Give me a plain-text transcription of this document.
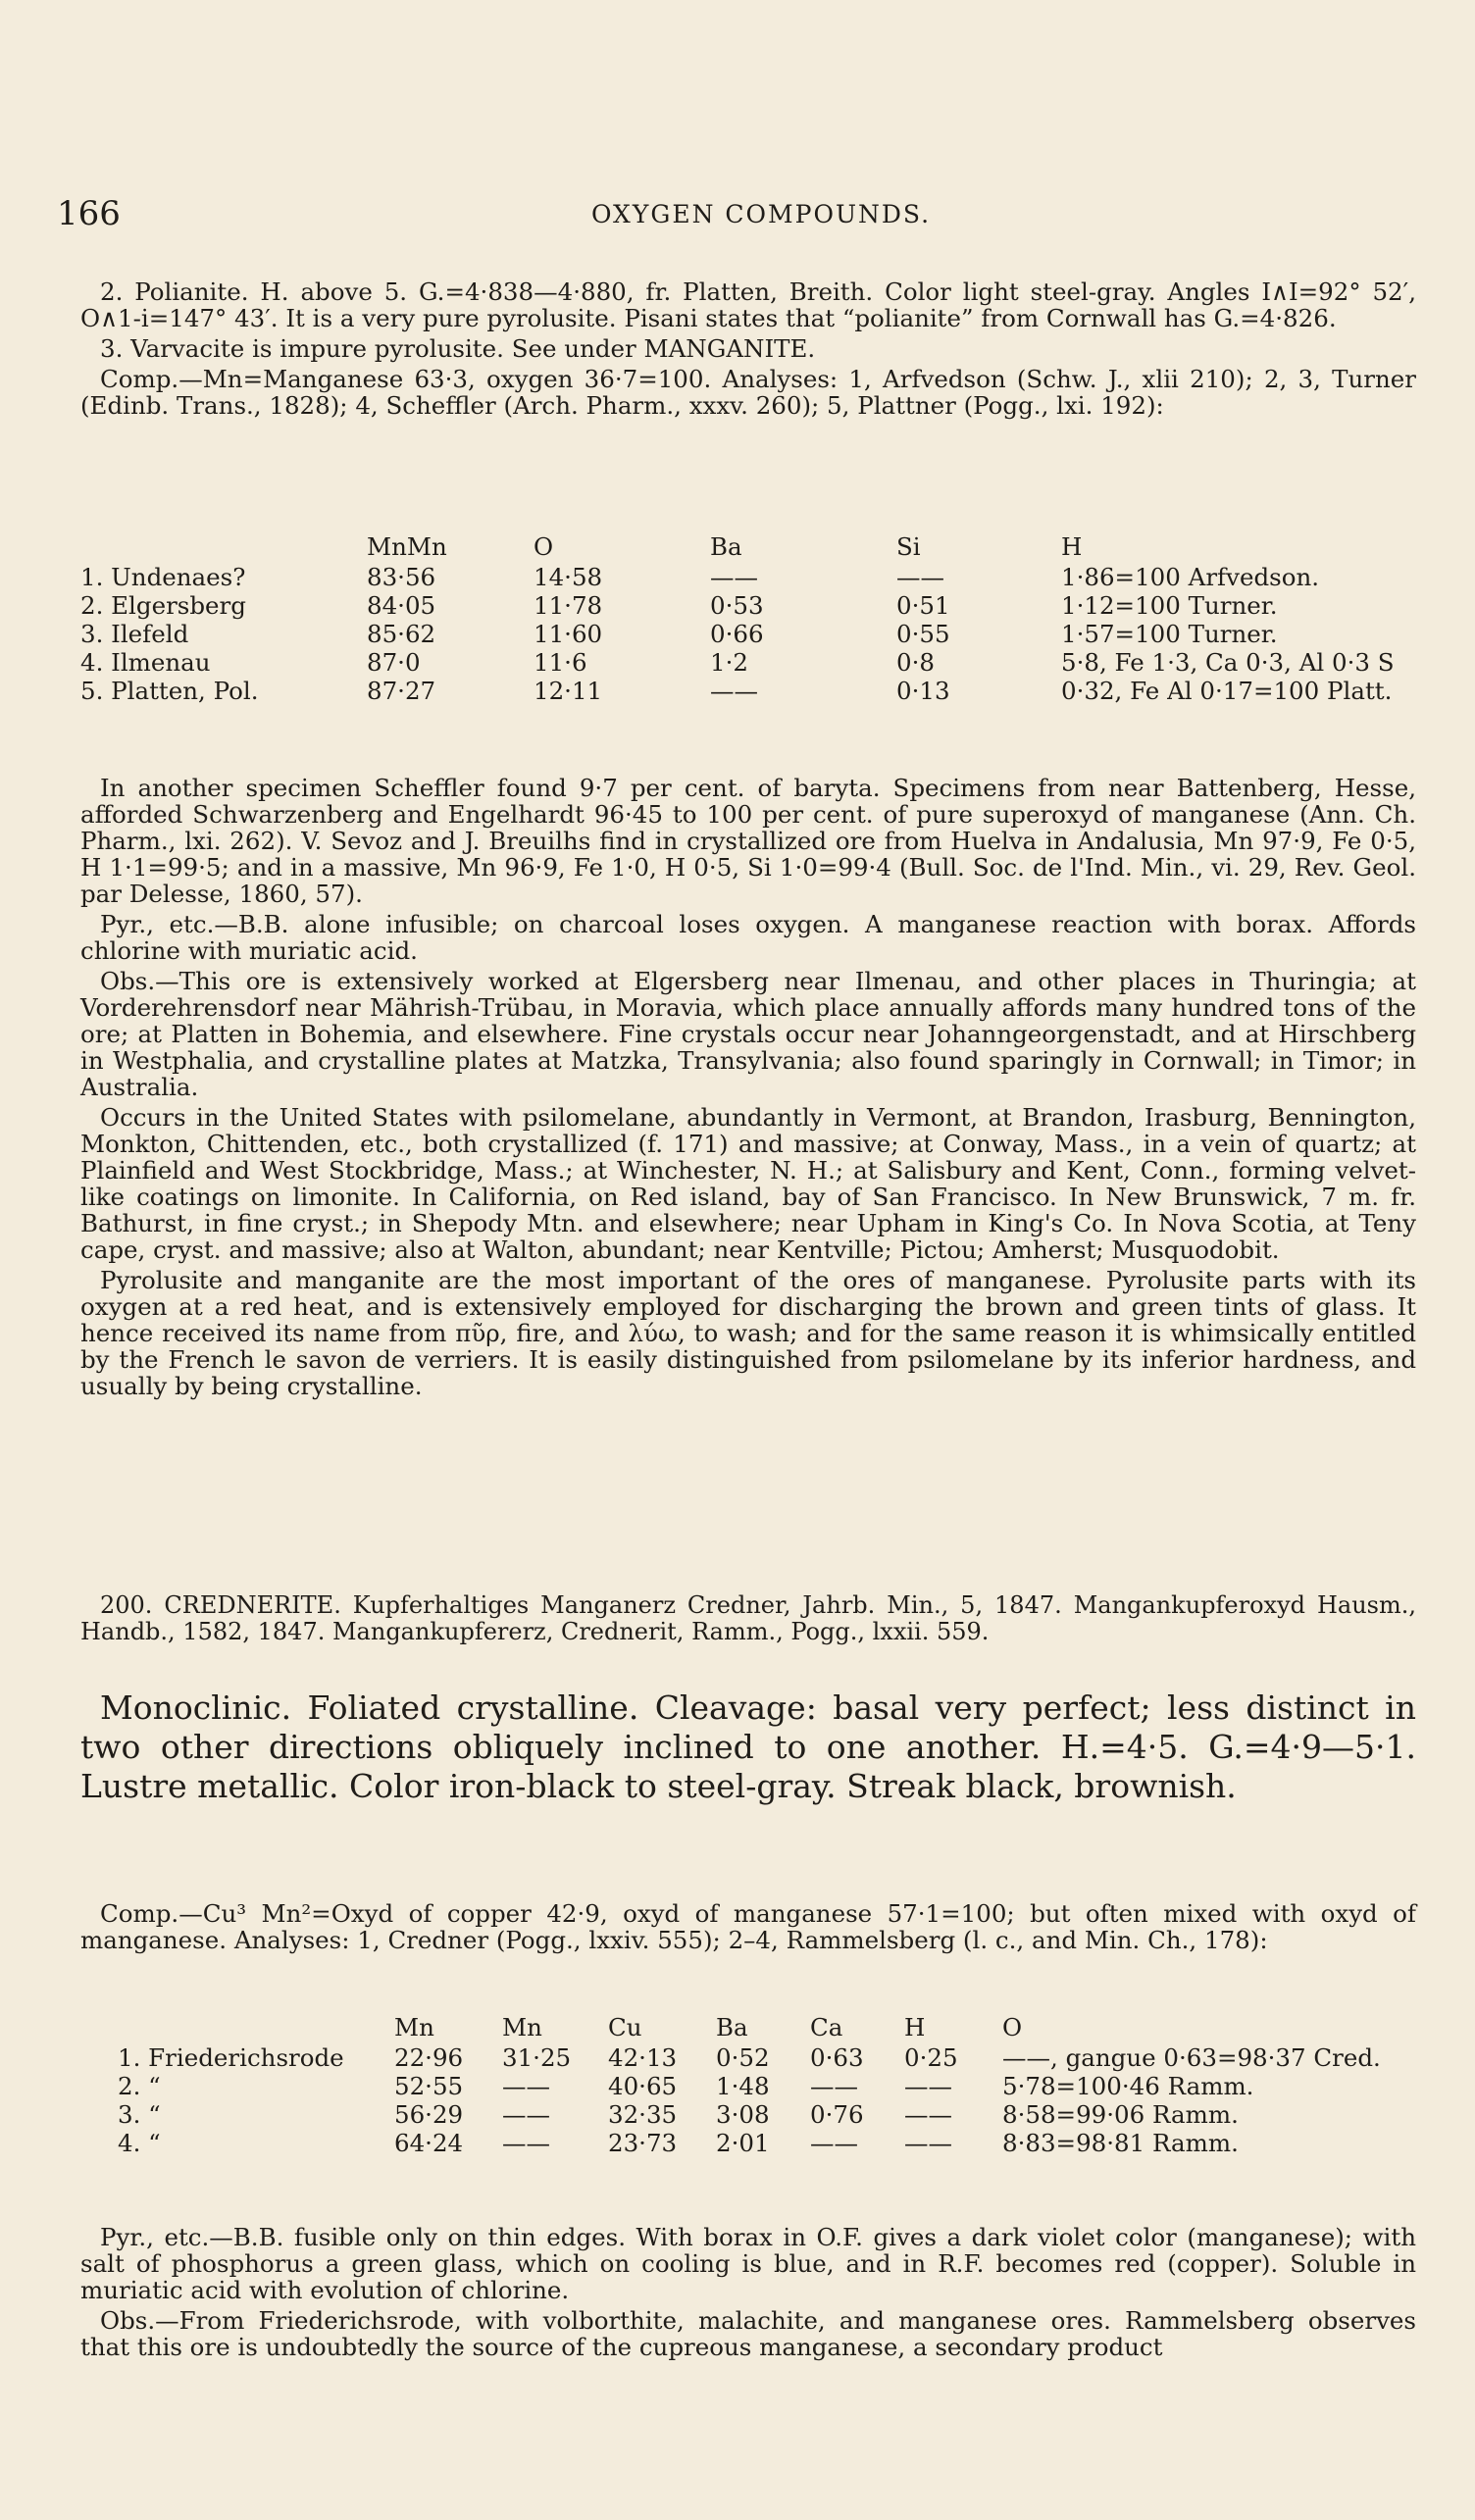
166	OXYGEN COMPOUNDS.

2. Polianite. H. above 5. G.=4·838—4·880, fr. Platten, Breith. Color light steel-gray. Angles I∧I=92° 52′, O∧1-i=147° 43′. It is a very pure pyrolusite. Pisani states that “polianite” from Cornwall has G.=4·826.

3. Varvacite is impure pyrolusite. See under MANGANITE.

Comp.—Mn=Manganese 63·3, oxygen 36·7=100. Analyses: 1, Arfvedson (Schw. J., xlii 210); 2, 3, Turner (Edinb. Trans., 1828); 4, Scheffler (Arch. Pharm., xxxv. 260); 5, Plattner (Pogg., lxi. 192):

	MnMn	O	Ba	Si	H
1. Undenaes?	83·56	14·58	——	——	1·86=100 Arfvedson.
2. Elgersberg	84·05	11·78	0·53	0·51	1·12=100 Turner.
3. Ilefeld	85·62	11·60	0·66	0·55	1·57=100 Turner.
4. Ilmenau	87·0	11·6	1·2	0·8	5·8, Fe 1·3, Ca 0·3, Al 0·3 S
5. Platten, Pol.	87·27	12·11	——	0·13	0·32, Fe Al 0·17=100 Platt.

In another specimen Scheffler found 9·7 per cent. of baryta. Specimens from near Battenberg, Hesse, afforded Schwarzenberg and Engelhardt 96·45 to 100 per cent. of pure superoxyd of manganese (Ann. Ch. Pharm., lxi. 262). V. Sevoz and J. Breuilhs find in crystallized ore from Huelva in Andalusia, Mn 97·9, Fe 0·5, H 1·1=99·5; and in a massive, Mn 96·9, Fe 1·0, H 0·5, Si 1·0=99·4 (Bull. Soc. de l'Ind. Min., vi. 29, Rev. Geol. par Delesse, 1860, 57).

Pyr., etc.—B.B. alone infusible; on charcoal loses oxygen. A manganese reaction with borax. Affords chlorine with muriatic acid.

Obs.—This ore is extensively worked at Elgersberg near Ilmenau, and other places in Thuringia; at Vorderehrensdorf near Mährish-Trübau, in Moravia, which place annually affords many hundred tons of the ore; at Platten in Bohemia, and elsewhere. Fine crystals occur near Johanngeorgenstadt, and at Hirschberg in Westphalia, and crystalline plates at Matzka, Transylvania; also found sparingly in Cornwall; in Timor; in Australia.

Occurs in the United States with psilomelane, abundantly in Vermont, at Brandon, Irasburg, Bennington, Monkton, Chittenden, etc., both crystallized (f. 171) and massive; at Conway, Mass., in a vein of quartz; at Plainfield and West Stockbridge, Mass.; at Winchester, N. H.; at Salisbury and Kent, Conn., forming velvet-like coatings on limonite. In California, on Red island, bay of San Francisco. In New Brunswick, 7 m. fr. Bathurst, in fine cryst.; in Shepody Mtn. and elsewhere; near Upham in King's Co. In Nova Scotia, at Teny cape, cryst. and massive; also at Walton, abundant; near Kentville; Pictou; Amherst; Musquodobit.

Pyrolusite and manganite are the most important of the ores of manganese. Pyrolusite parts with its oxygen at a red heat, and is extensively employed for discharging the brown and green tints of glass. It hence received its name from πῦρ, fire, and λύω, to wash; and for the same reason it is whimsically entitled by the French le savon de verriers. It is easily distinguished from psilomelane by its inferior hardness, and usually by being crystalline.

200. CREDNERITE. Kupferhaltiges Manganerz Credner, Jahrb. Min., 5, 1847. Mangankupferoxyd Hausm., Handb., 1582, 1847. Mangankupfererz, Crednerit, Ramm., Pogg., lxxii. 559.

Monoclinic. Foliated crystalline. Cleavage: basal very perfect; less distinct in two other directions obliquely inclined to one another. H.=4·5. G.=4·9—5·1. Lustre metallic. Color iron-black to steel-gray. Streak black, brownish.

Comp.—Cu³ Mn²=Oxyd of copper 42·9, oxyd of manganese 57·1=100; but often mixed with oxyd of manganese. Analyses: 1, Credner (Pogg., lxxiv. 555); 2–4, Rammelsberg (l. c., and Min. Ch., 178):

	Mn	Mn	Cu	Ba	Ca	H	O
1. Friederichsrode	22·96	31·25	42·13	0·52	0·63	0·25	——, gangue 0·63=98·37 Cred.
2. “	52·55	——	40·65	1·48	——	——	5·78=100·46 Ramm.
3. “	56·29	——	32·35	3·08	0·76	——	8·58=99·06 Ramm.
4. “	64·24	——	23·73	2·01	——	——	8·83=98·81 Ramm.

Pyr., etc.—B.B. fusible only on thin edges. With borax in O.F. gives a dark violet color (manganese); with salt of phosphorus a green glass, which on cooling is blue, and in R.F. becomes red (copper). Soluble in muriatic acid with evolution of chlorine.

Obs.—From Friederichsrode, with volborthite, malachite, and manganese ores. Rammelsberg observes that this ore is undoubtedly the source of the cupreous manganese, a secondary product
